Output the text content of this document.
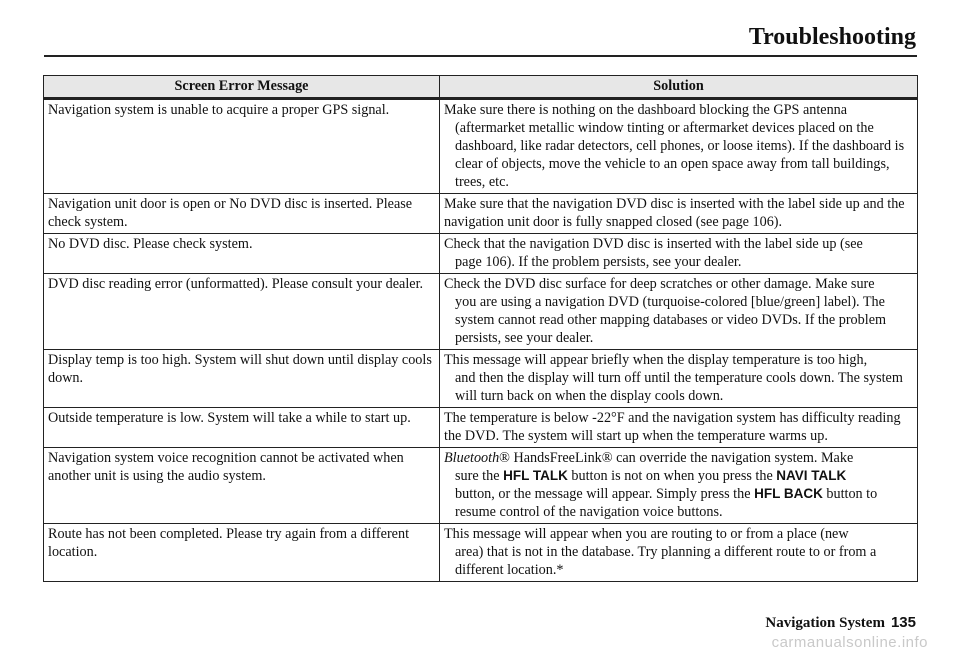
Troubleshooting
Screen Error Message	Solution
Navigation system is unable to acquire a proper GPS signal.	Make sure there is nothing on the dashboard blocking the GPS antenna
(aftermarket metallic window tinting or aftermarket devices placed on the dashboard, like radar detectors, cell phones, or loose items). If the dashboard is clear of objects, move the vehicle to an open space away from tall buildings, trees, etc.

Navigation unit door is open or No DVD disc is inserted. Please check system.	Make sure that the navigation DVD disc is inserted with the label side up and the navigation unit door is fully snapped closed (see page 106).

No DVD disc. Please check system.	Check that the navigation DVD disc is inserted with the label side up (see
page 106). If the problem persists, see your dealer.

DVD disc reading error (unformatted). Please consult your dealer.	Check the DVD disc surface for deep scratches or other damage. Make sure
you are using a navigation DVD (turquoise-colored [blue/green] label). The system cannot read other mapping databases or video DVDs. If the problem persists, see your dealer.

Display temp is too high. System will shut down until display cools down.	This message will appear briefly when the display temperature is too high,
and then the display will turn off until the temperature cools down. The system will turn back on when the display cools down.

Outside temperature is low. System will take a while to start up.	The temperature is below -22°F and the navigation system has difficulty reading the DVD. The system will start up when the temperature warms up.

Navigation system voice recognition cannot be activated when another unit is using the audio system.	Bluetooth® HandsFreeLink® can override the navigation system. Make
sure the HFL TALK button is not on when you press the NAVI TALK
button, or the message will appear. Simply press the HFL BACK button to resume control of the navigation voice buttons.

Route has not been completed. Please try again from a different location.	This message will appear when you are routing to or from a place (new
area) that is not in the database. Try planning a different route to or from a different location.*
Navigation System 135
carmanualsonline.info
